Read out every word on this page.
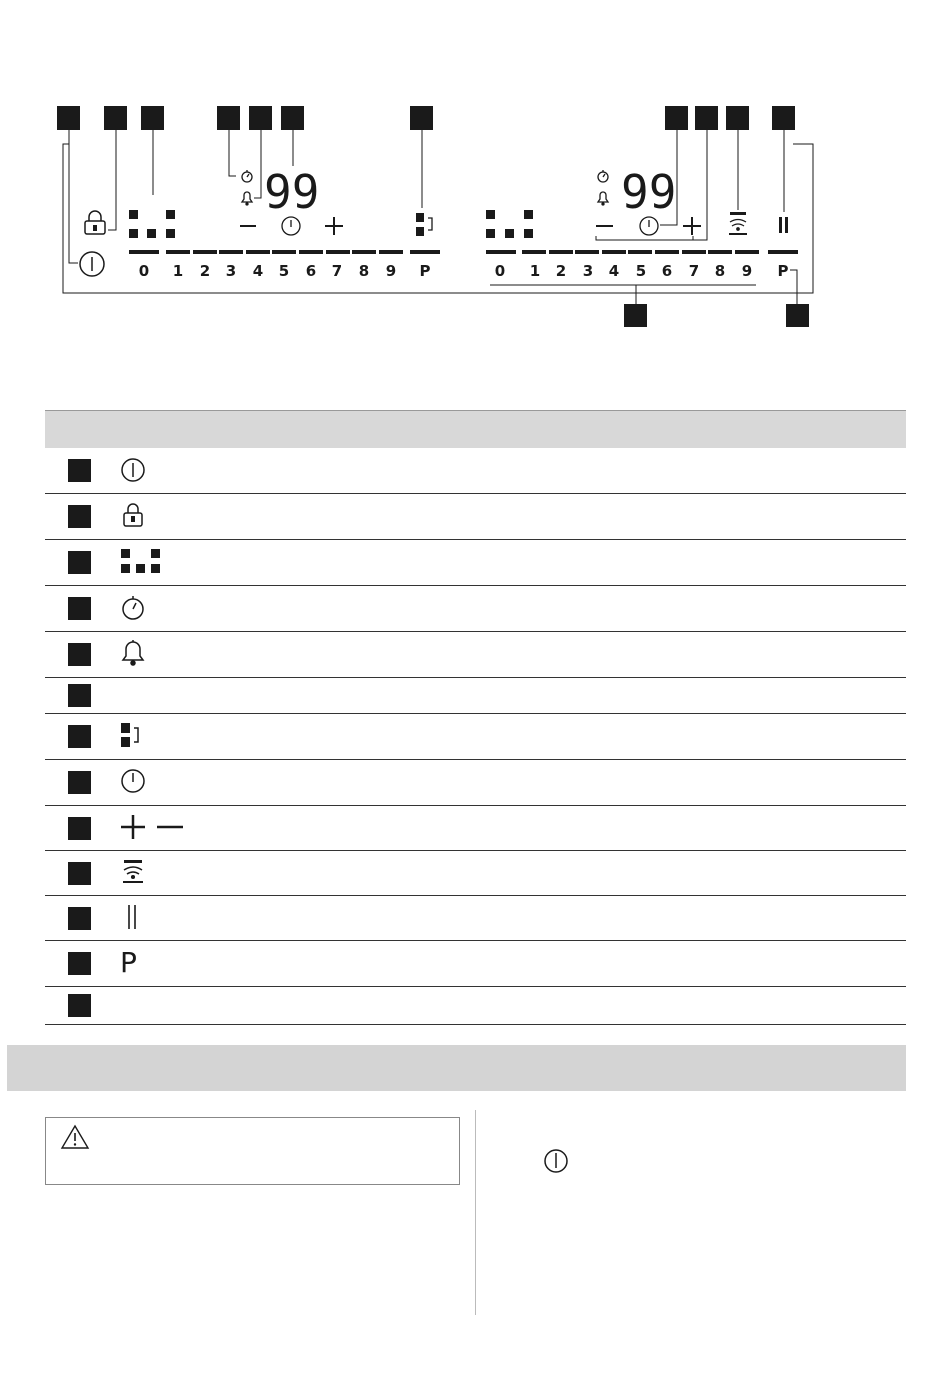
99
0 1 2 3 4 5 6 7 8 9 P
99
0 1 2 3 4 5 6 7 8 9 P
P
